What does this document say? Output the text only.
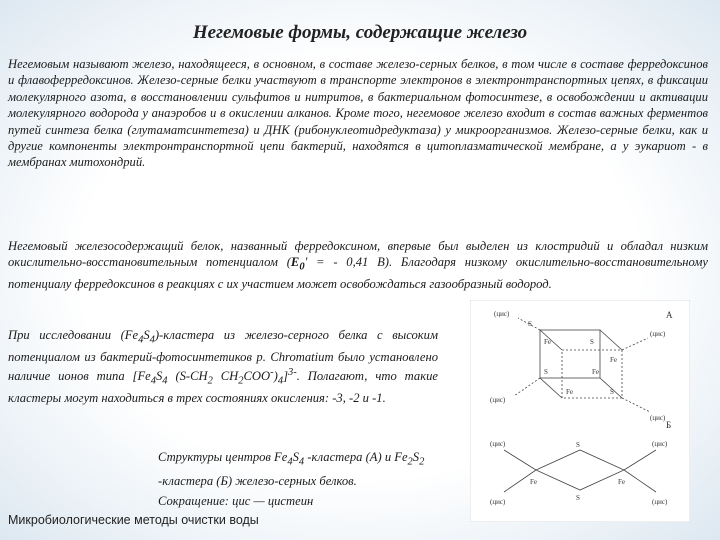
Негемовые формы, содержащие железо

Негемовым называют железо, находящееся, в основном, в составе железо-серных белков, в том числе в составе ферредоксинов и флавоферредоксинов. Железо-серные белки участвуют в транспорте электронов в электронтранспортных цепях, в фиксации молекулярного азота, в восстановлении сульфитов и нитритов, в бактериальном фотосинтезе, в освобождении и активации молекулярного водорода у анаэробов и в окислении алканов. Кроме того, негемовое железо входит в состав важных ферментов путей синтеза белка (глутаматсинтетеза) и ДНК (рибонуклеотидредуктаза) у микроорганизмов. Железо-серные белки, как и другие компоненты электронтранспортной цепи бактерий, находятся в цитоплазматической мембране, а у эукариот - в мембранах митохондрий.

Негемовый железосодержащий белок, названный ферредоксином, впервые был выделен из клостридий и обладал низким окислительно-восстановительным потенциалом ($E_0'$ = - 0,41 В). Благодаря низкому окислительно-восстановительному потенциалу ферредоксинов в реакциях с их участием может освобождаться газообразный водород.

При исследовании $(Fe_4S_4)$-кластера из железо-серного белка с высоким потенциалом из бактерий-фотосинтетиков р. Chromatium было установлено наличие ионов типа [$Fe_4S_4$ ($S-CH_2$ $CH_2COO^-)_4]^{3-}$. Полагают, что такие кластеры могут находиться в трех состояниях окисления: -3, -2 и -1.

Структуры центров $Fe_4S_4$ -кластера (А) и $Fe_2S_2$ -кластера (Б) железо-серных белков.

Сокращение: цис — цистеин

Микробиологические методы очистки воды
А
(цис)
(цис)
(цис)
(цис)
S
Fe	S
Fe
S	Fe
Fe	S
Б
Fe	Fe
S
S
(цис)
(цис)
(цис)
(цис)
